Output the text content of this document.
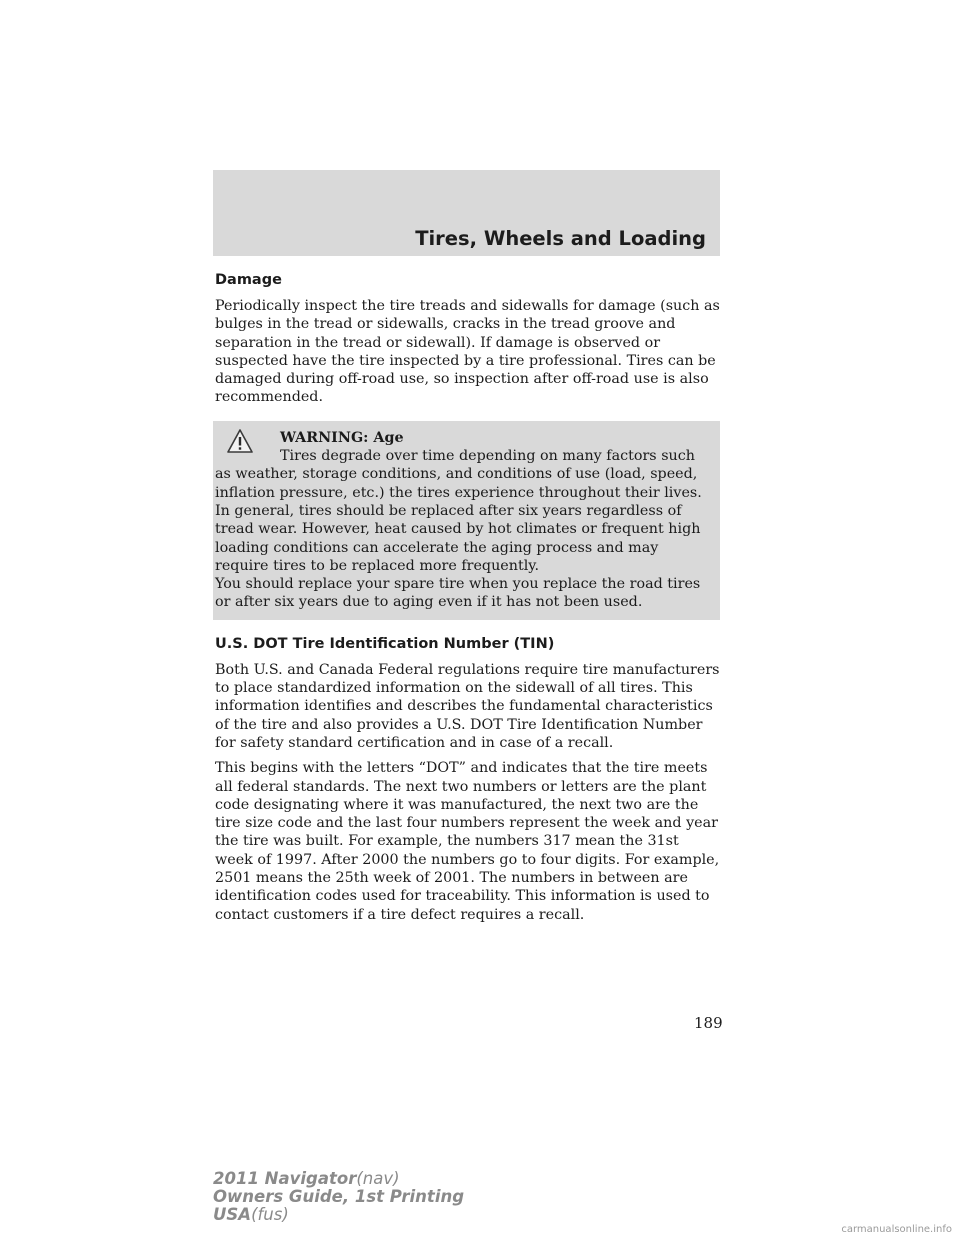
Tires, Wheels and Loading
Damage

Periodically inspect the tire treads and sidewalls for damage (such as bulges in the tread or sidewalls, cracks in the tread groove and separation in the tread or sidewall). If damage is observed or suspected have the tire inspected by a tire professional. Tires can be damaged during off-road use, so inspection after off-road use is also recommended.

WARNING: Age

Tires degrade over time depending on many factors such as weather, storage conditions, and conditions of use (load, speed, inflation pressure, etc.) the tires experience throughout their lives.

In general, tires should be replaced after six years regardless of tread wear. However, heat caused by hot climates or frequent high loading conditions can accelerate the aging process and may require tires to be replaced more frequently.

You should replace your spare tire when you replace the road tires or after six years due to aging even if it has not been used.

U.S. DOT Tire Identification Number (TIN)

Both U.S. and Canada Federal regulations require tire manufacturers to place standardized information on the sidewall of all tires. This information identifies and describes the fundamental characteristics of the tire and also provides a U.S. DOT Tire Identification Number for safety standard certification and in case of a recall.

This begins with the letters “DOT” and indicates that the tire meets all federal standards. The next two numbers or letters are the plant code designating where it was manufactured, the next two are the tire size code and the last four numbers represent the week and year the tire was built. For example, the numbers 317 mean the 31st week of 1997. After 2000 the numbers go to four digits. For example, 2501 means the 25th week of 2001. The numbers in between are identification codes used for traceability. This information is used to contact customers if a tire defect requires a recall.

189
2011 Navigator(nav)
Owners Guide, 1st Printing
USA(fus)
carmanualsonline.info
